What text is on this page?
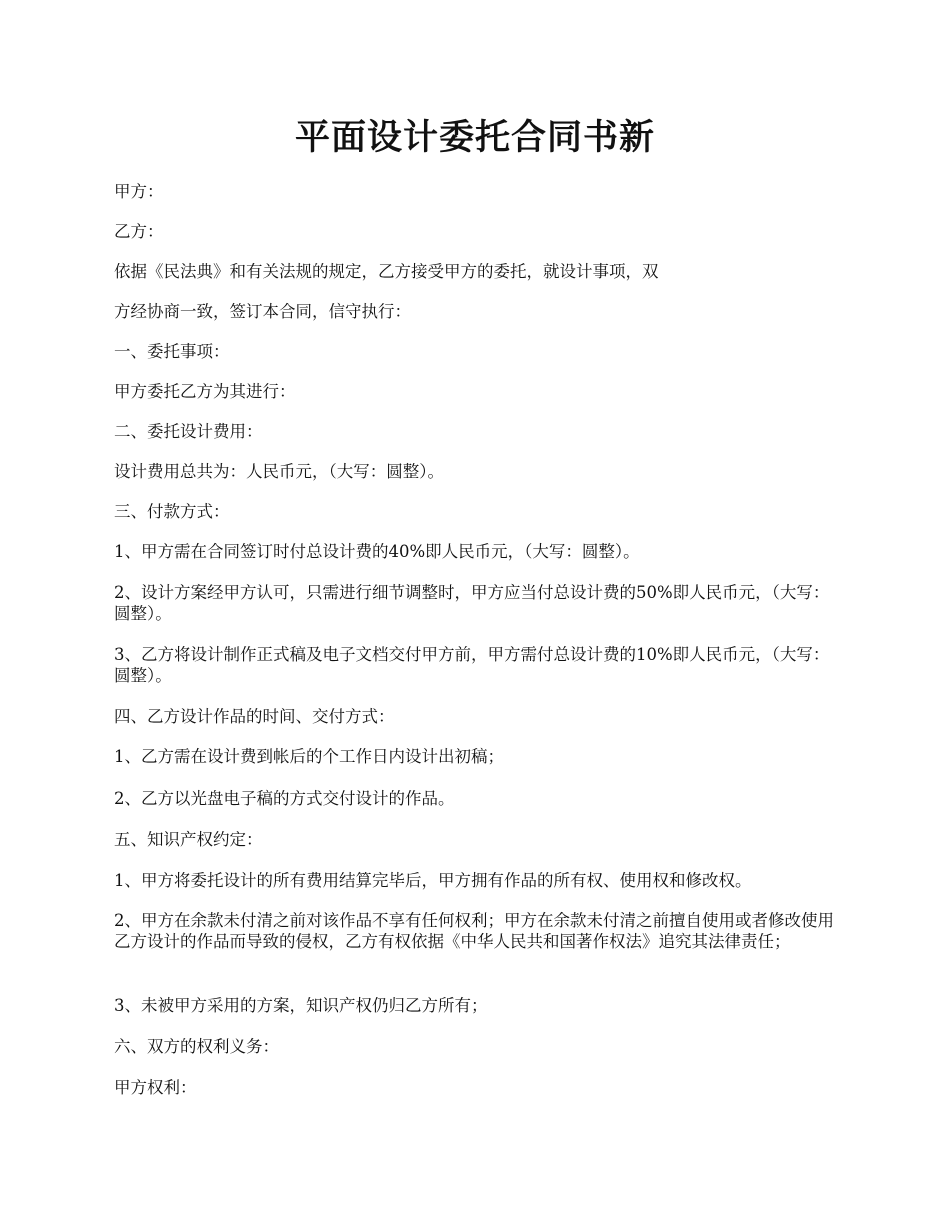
平面设计委托合同书新
甲方：
乙方：
依据《民法典》和有关法规的规定，乙方接受甲方的委托，就设计事项，双
方经协商一致，签订本合同，信守执行：
一、委托事项：
甲方委托乙方为其进行：
二、委托设计费用：
设计费用总共为：人民币元，（大写：圆整）。
三、付款方式：
1、甲方需在合同签订时付总设计费的40%即人民币元，（大写：圆整）。
2、设计方案经甲方认可，只需进行细节调整时，甲方应当付总设计费的50%即人民币元，（大写：圆整）。
3、乙方将设计制作正式稿及电子文档交付甲方前，甲方需付总设计费的10%即人民币元，（大写：圆整）。
四、乙方设计作品的时间、交付方式：
1、乙方需在设计费到帐后的个工作日内设计出初稿；
2、乙方以光盘电子稿的方式交付设计的作品。
五、知识产权约定：
1、甲方将委托设计的所有费用结算完毕后，甲方拥有作品的所有权、使用权和修改权。
2、甲方在余款未付清之前对该作品不享有任何权利；甲方在余款未付清之前擅自使用或者修改使用乙方设计的作品而导致的侵权，乙方有权依据《中华人民共和国著作权法》追究其法律责任；
3、未被甲方采用的方案，知识产权仍归乙方所有；
六、双方的权利义务：
甲方权利：
